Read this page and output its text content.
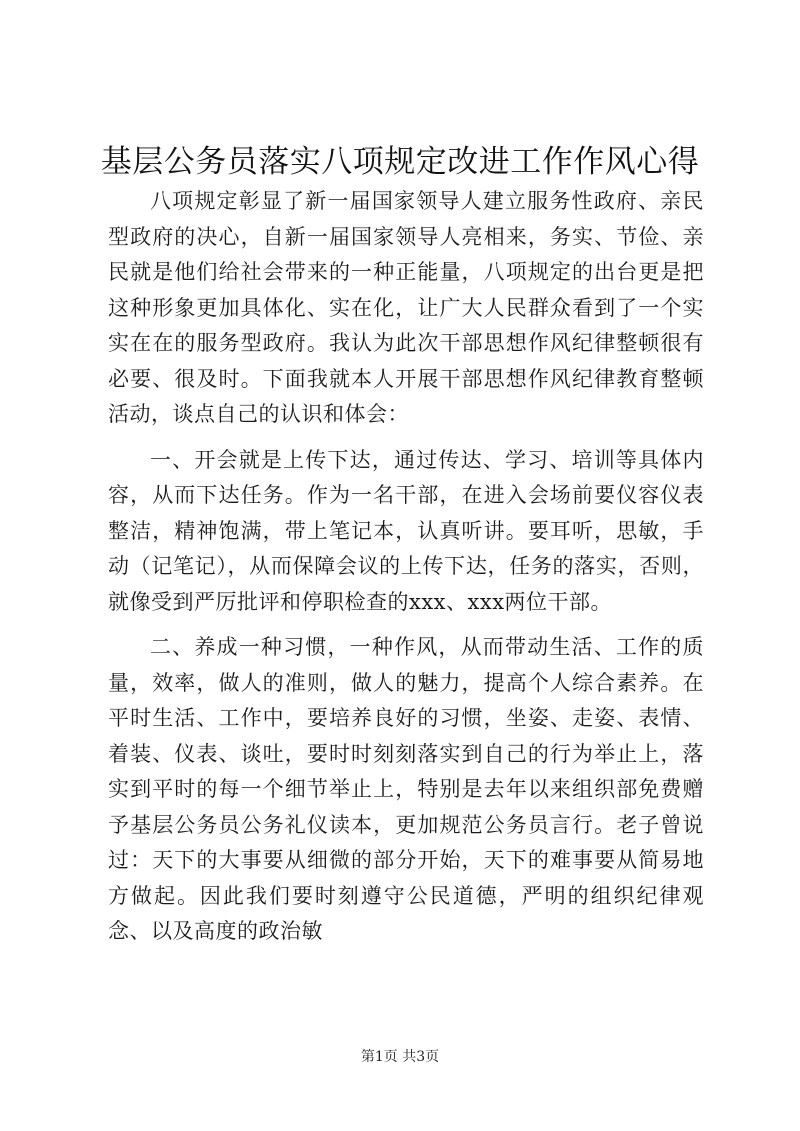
基层公务员落实八项规定改进工作作风心得

八项规定彰显了新一届国家领导人建立服务性政府、亲民型政府的决心，自新一届国家领导人亮相来，务实、节俭、亲民就是他们给社会带来的一种正能量，八项规定的出台更是把这种形象更加具体化、实在化，让广大人民群众看到了一个实实在在的服务型政府。我认为此次干部思想作风纪律整顿很有必要、很及时。下面我就本人开展干部思想作风纪律教育整顿活动，谈点自己的认识和体会：

一、开会就是上传下达，通过传达、学习、培训等具体内容，从而下达任务。作为一名干部，在进入会场前要仪容仪表整洁，精神饱满，带上笔记本，认真听讲。要耳听，思敏，手动（记笔记），从而保障会议的上传下达，任务的落实，否则，就像受到严厉批评和停职检查的xxx、xxx两位干部。

二、养成一种习惯，一种作风，从而带动生活、工作的质量，效率，做人的准则，做人的魅力，提高个人综合素养。在平时生活、工作中，要培养良好的习惯，坐姿、走姿、表情、着装、仪表、谈吐，要时时刻刻落实到自己的行为举止上，落实到平时的每一个细节举止上，特别是去年以来组织部免费赠予基层公务员公务礼仪读本，更加规范公务员言行。老子曾说过：天下的大事要从细微的部分开始，天下的难事要从简易地方做起。因此我们要时刻遵守公民道德，严明的组织纪律观念、以及高度的政治敏

第1页 共3页
